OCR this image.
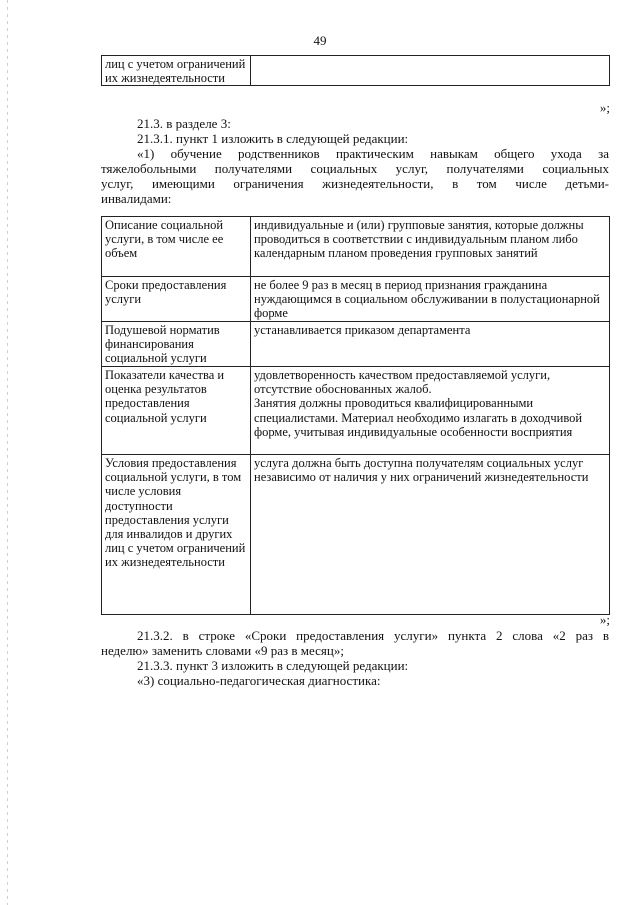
49
лиц с учетом ограничений их жизнедеятельности	
»;
21.3. в разделе 3:
21.3.1. пункт 1 изложить в следующей редакции:
«1) обучение родственников практическим навыкам общего ухода за
тяжелобольными получателями социальных услуг, получателями социальных
услуг, имеющими ограничения жизнедеятельности, в том числе детьми-
инвалидами:
Описание социальной услуги, в том числе ее объем	индивидуальные и (или) групповые занятия, которые должны проводиться в соответствии с индивидуальным планом либо календарным планом проведения групповых занятий

Сроки предоставления услуги	не более 9 раз в месяц в период признания гражданина нуждающимся в социальном обслуживании в полустационарной форме

Подушевой норматив финансирования социальной услуги	устанавливается приказом департамента

Показатели качества и оценка результатов предоставления социальной услуги	удовлетворенность качеством предоставляемой услуги, отсутствие обоснованных жалоб.

Занятия должны проводиться квалифицированными специалистами. Материал необходимо излагать в доходчивой форме, учитывая индивидуальные особенности восприятия

Условия предоставления социальной услуги, в том числе условия доступности предоставления услуги для инвалидов и других лиц с учетом ограничений их жизнедеятельности	услуга должна быть доступна получателям социальных услуг независимо от наличия у них ограничений жизнедеятельности

»;
21.3.2. в строке «Сроки предоставления услуги» пункта 2 слова «2 раз в
неделю» заменить словами «9 раз в месяц»;
21.3.3. пункт 3 изложить в следующей редакции:
«3) социально-педагогическая диагностика:
